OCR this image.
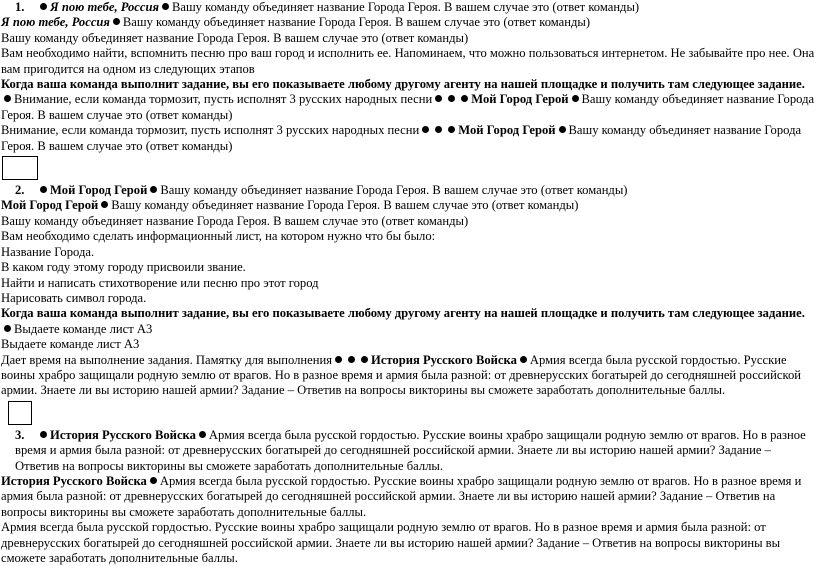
1. Я пою тебе, Россия Вашу команду объединяет название Города Героя. В вашем случае это (ответ команды)

Я пою тебе, Россия Вашу команду объединяет название Города Героя. В вашем случае это (ответ команды)

Вашу команду объединяет название Города Героя. В вашем случае это (ответ команды)

Вам необходимо найти, вспомнить песню про ваш город и исполнить ее. Напоминаем, что можно пользоваться интернетом. Не забывайте про нее. Она вам пригодится на одном из следующих этапов

Когда ваша команда выполнит задание, вы его показываете любому другому агенту на нашей площадке и получить там следующее задание.Внимание, если команда тормозит, пусть исполнят 3 русских народных песни	Мой Город Герой Вашу команду объединяет название Города Героя. В вашем случае это (ответ команды)

Внимание, если команда тормозит, пусть исполнят 3 русских народных песни	Мой Город Герой Вашу команду объединяет название Города Героя. В вашем случае это (ответ команды)

2. Мой Город Герой Вашу команду объединяет название Города Героя. В вашем случае это (ответ команды)

Мой Город Герой Вашу команду объединяет название Города Героя. В вашем случае это (ответ команды)

Вашу команду объединяет название Города Героя. В вашем случае это (ответ команды)

Вам необходимо сделать информационный лист, на котором нужно что бы было:

Название Города.

В каком году этому городу присвоили звание.

Найти и написать стихотворение или песню про этот город

Нарисовать символ города.

Когда ваша команда выполнит задание, вы его показываете любому другому агенту на нашей площадке и получить там следующее задание.Выдаете команде лист А3

Выдаете команде лист А3

Дает время на выполнение задания. Памятку для выполнения	История Русского Войска Армия всегда была русской гордостью. Русские воины храбро защищали родную землю от врагов. Но в разное время и армия была разной: от древнерусских богатырей до сегодняшней российской армии. Знаете ли вы историю нашей армии? Задание – Ответив на вопросы викторины вы сможете заработать дополнительные баллы.

3. История Русского Войска Армия всегда была русской гордостью. Русские воины храбро защищали родную землю от врагов. Но в разное время и армия была разной: от древнерусских богатырей до сегодняшней российской армии. Знаете ли вы историю нашей армии? Задание – Ответив на вопросы викторины вы сможете заработать дополнительные баллы.

История Русского Войска Армия всегда была русской гордостью. Русские воины храбро защищали родную землю от врагов. Но в разное время и армия была разной: от древнерусских богатырей до сегодняшней российской армии. Знаете ли вы историю нашей армии? Задание – Ответив на вопросы викторины вы сможете заработать дополнительные баллы.

Армия всегда была русской гордостью. Русские воины храбро защищали родную землю от врагов. Но в разное время и армия была разной: от древнерусских богатырей до сегодняшней российской армии. Знаете ли вы историю нашей армии? Задание – Ответив на вопросы викторины вы сможете заработать дополнительные баллы.
